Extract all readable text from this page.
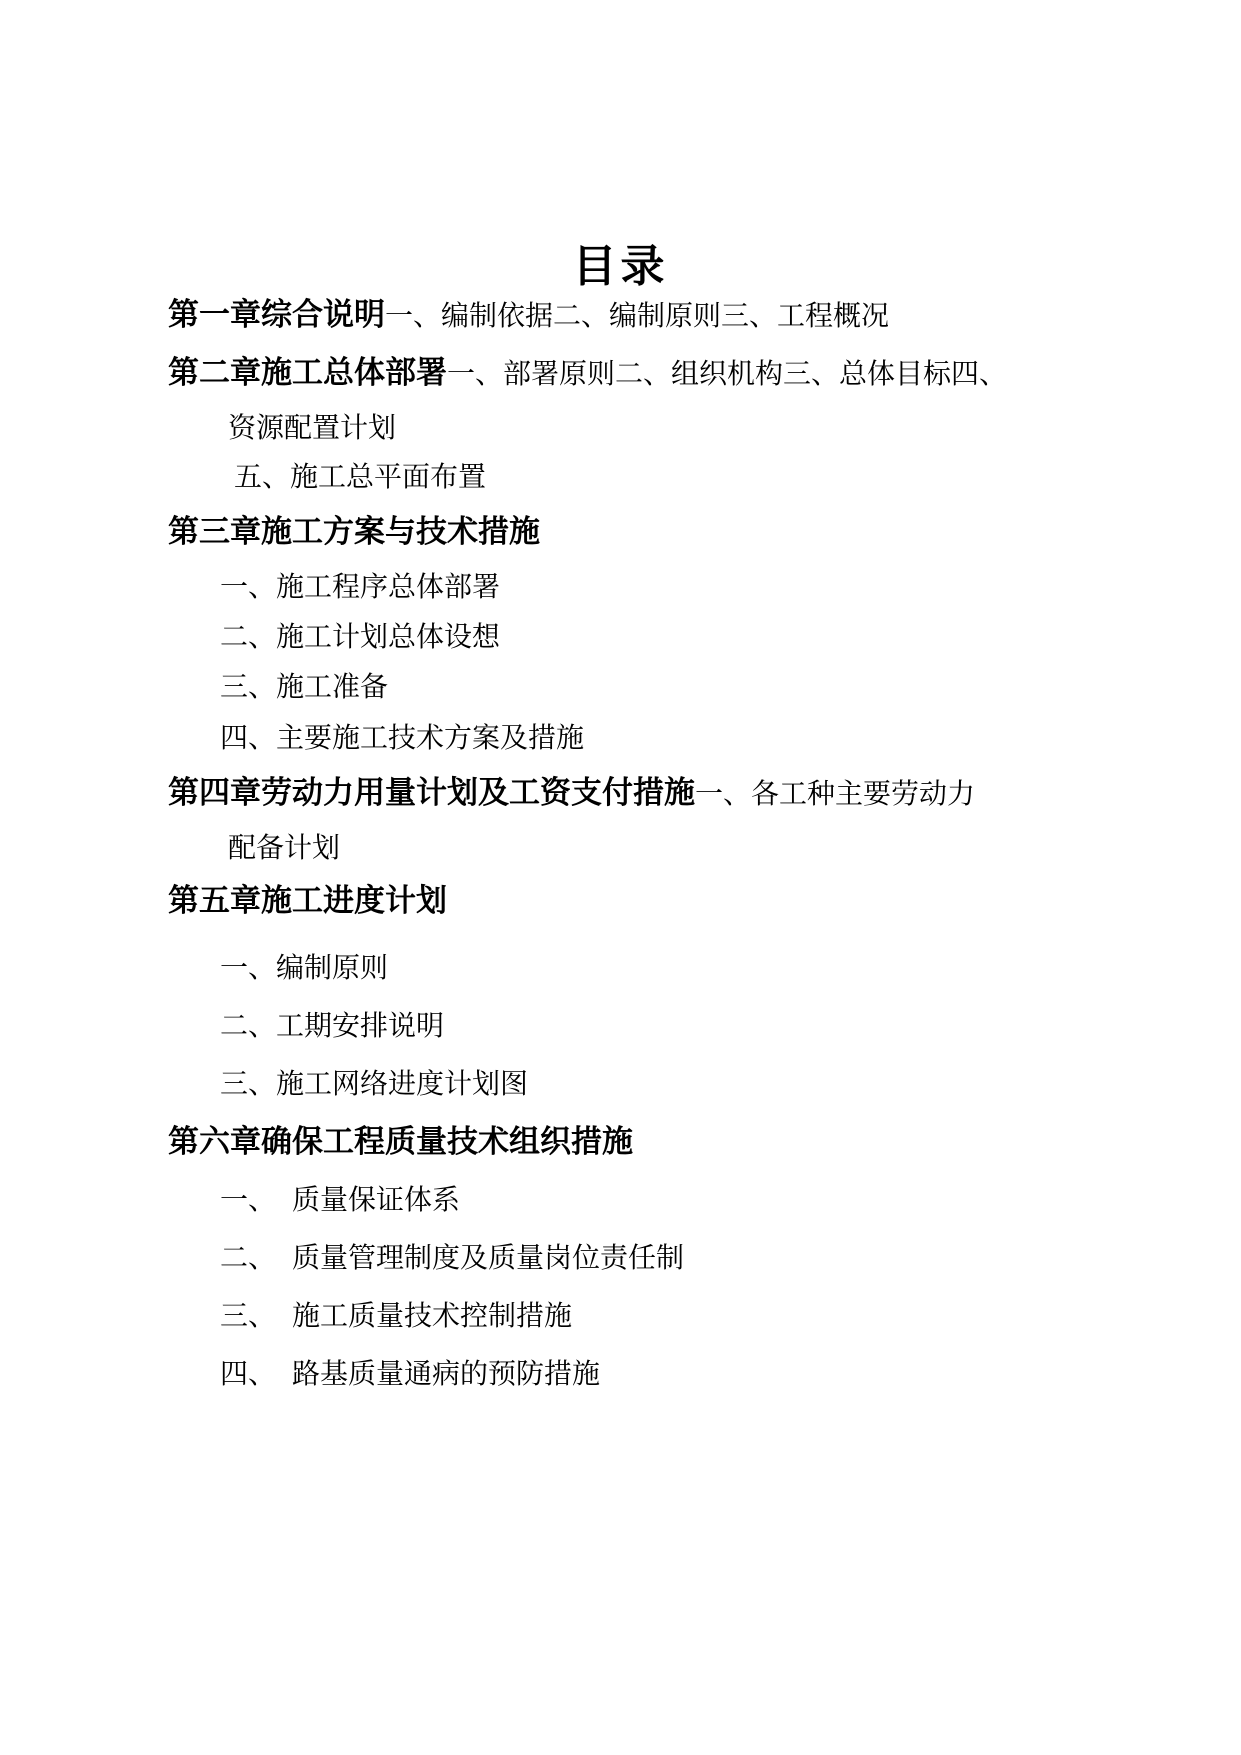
目录
第一章综合说明一、编制依据二、编制原则三、工程概况
第二章施工总体部署一、部署原则二、组织机构三、总体目标四、
资源配置计划
五、施工总平面布置
第三章施工方案与技术措施
一、施工程序总体部署
二、施工计划总体设想
三、施工准备
四、主要施工技术方案及措施
第四章劳动力用量计划及工资支付措施一、各工种主要劳动力
配备计划
第五章施工进度计划
一、编制原则
二、工期安排说明
三、施工网络进度计划图
第六章确保工程质量技术组织措施
一、 质量保证体系
二、 质量管理制度及质量岗位责任制
三、 施工质量技术控制措施
四、 路基质量通病的预防措施
